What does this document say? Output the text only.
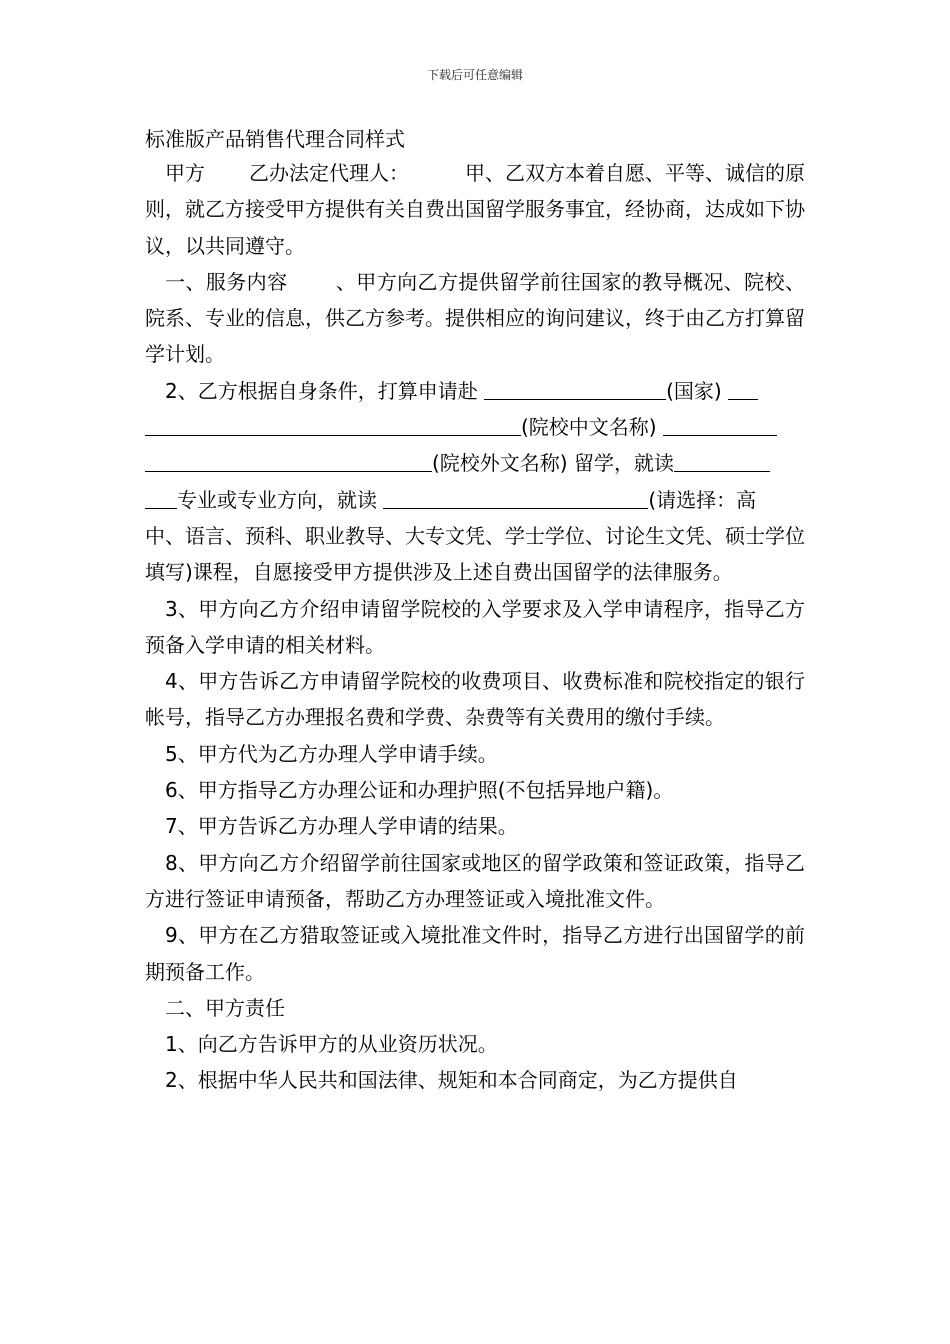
下载后可任意编辑
标准版产品销售代理合同样式

甲方 乙办法定代理人：	甲、乙双方本着自愿、平等、诚信的原则，就乙方接受甲方提供有关自费出国留学服务事宜，经协商，达成如下协议，以共同遵守。

一、服务内容 、甲方向乙方提供留学前往国家的教导概况、院校、院系、专业的信息，供乙方参考。提供相应的询问建议，终于由乙方打算留学计划。

2、乙方根据自身条件，打算申请赴	(国家)
(院校中文名称)
(院校外文名称) 留学，就读
专业或专业方向，就读	(请选择：高

中、语言、预科、职业教导、大专文凭、学士学位、讨论生文凭、硕士学位填写)课程，自愿接受甲方提供涉及上述自费出国留学的法律服务。

3、甲方向乙方介绍申请留学院校的入学要求及入学申请程序，指导乙方预备入学申请的相关材料。

4、甲方告诉乙方申请留学院校的收费项目、收费标准和院校指定的银行帐号，指导乙方办理报名费和学费、杂费等有关费用的缴付手续。

5、甲方代为乙方办理人学申请手续。

6、甲方指导乙方办理公证和办理护照(不包括异地户籍)。

7、甲方告诉乙方办理人学申请的结果。

8、甲方向乙方介绍留学前往国家或地区的留学政策和签证政策，指导乙方进行签证申请预备，帮助乙方办理签证或入境批准文件。

9、甲方在乙方猎取签证或入境批准文件时，指导乙方进行出国留学的前期预备工作。

二、甲方责任

1、向乙方告诉甲方的从业资历状况。

2、根据中华人民共和国法律、规矩和本合同商定，为乙方提供自
